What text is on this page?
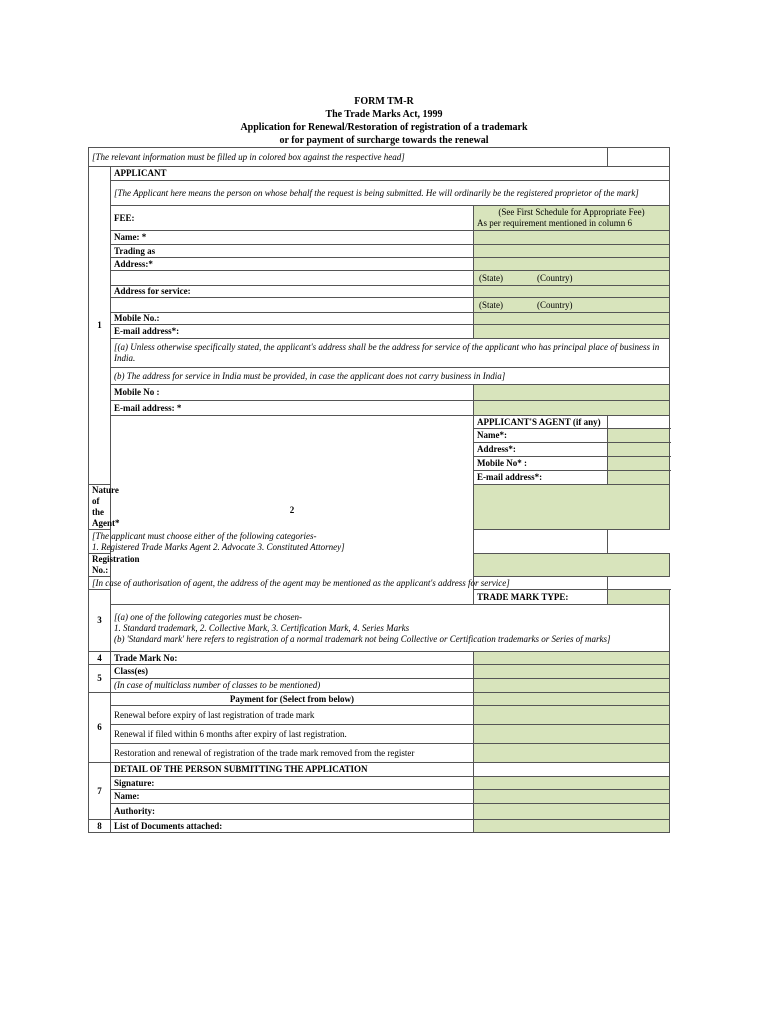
FORM TM-R
The Trade Marks Act, 1999
Application for Renewal/Restoration of registration of a trademark
or for payment of surcharge towards the renewal
[The relevant information must be filled up in colored box against the respective head]			
1	APPLICANT		
	[The Applicant here means the person on whose behalf the request is being submitted. He will ordinarily be the registered proprietor of the mark]		
	FEE:	(See First Schedule for Appropriate Fee)
As per requirement mentioned in column 6	

	Name: *		
	Trading as		
	Address:*		
		(State) (Country)	
	Address for service:		
		(State) (Country)	
	Mobile No.:		
	E-mail address*:		
	[(a) Unless otherwise specifically stated, the applicant's address shall be the address for service of the applicant who has principal place of business in India.		
	(b) The address for service in India must be provided, in case the applicant does not carry business in India]		
	Mobile No :		
	E-mail address: *		
	2	APPLICANT'S AGENT (if any)	
		Name*:	
		Address*:	
		Mobile No* :	
		E-mail address*:	
Nature of the Agent*			

[The applicant must choose either of the following categories-
1. Registered Trade Marks Agent 2. Advocate 3. Constituted Attorney]			

Registration No.:			
[In case of authorisation of agent, the address of the agent may be mentioned as the applicant's address for service]			
3		TRADE MARK TYPE:	

	[(a) one of the following categories must be chosen-
1. Standard trademark, 2. Collective Mark, 3. Certification Mark, 4. Series Marks
(b) 'Standard mark' here refers to registration of a normal trademark not being Collective or Certification trademarks or Series of marks]		

4	Trade Mark No:		
5	Class(es)		
	(In case of multiclass number of classes to be mentioned)		
6	Payment for (Select from below)		
	Renewal before expiry of last registration of trade mark		
	Renewal if filed within 6 months after expiry of last registration.		
	Restoration and renewal of registration of the trade mark removed from the register		
7	DETAIL OF THE PERSON SUBMITTING THE APPLICATION		
	Signature:		
	Name:		
	Authority:		
8	List of Documents attached:		
